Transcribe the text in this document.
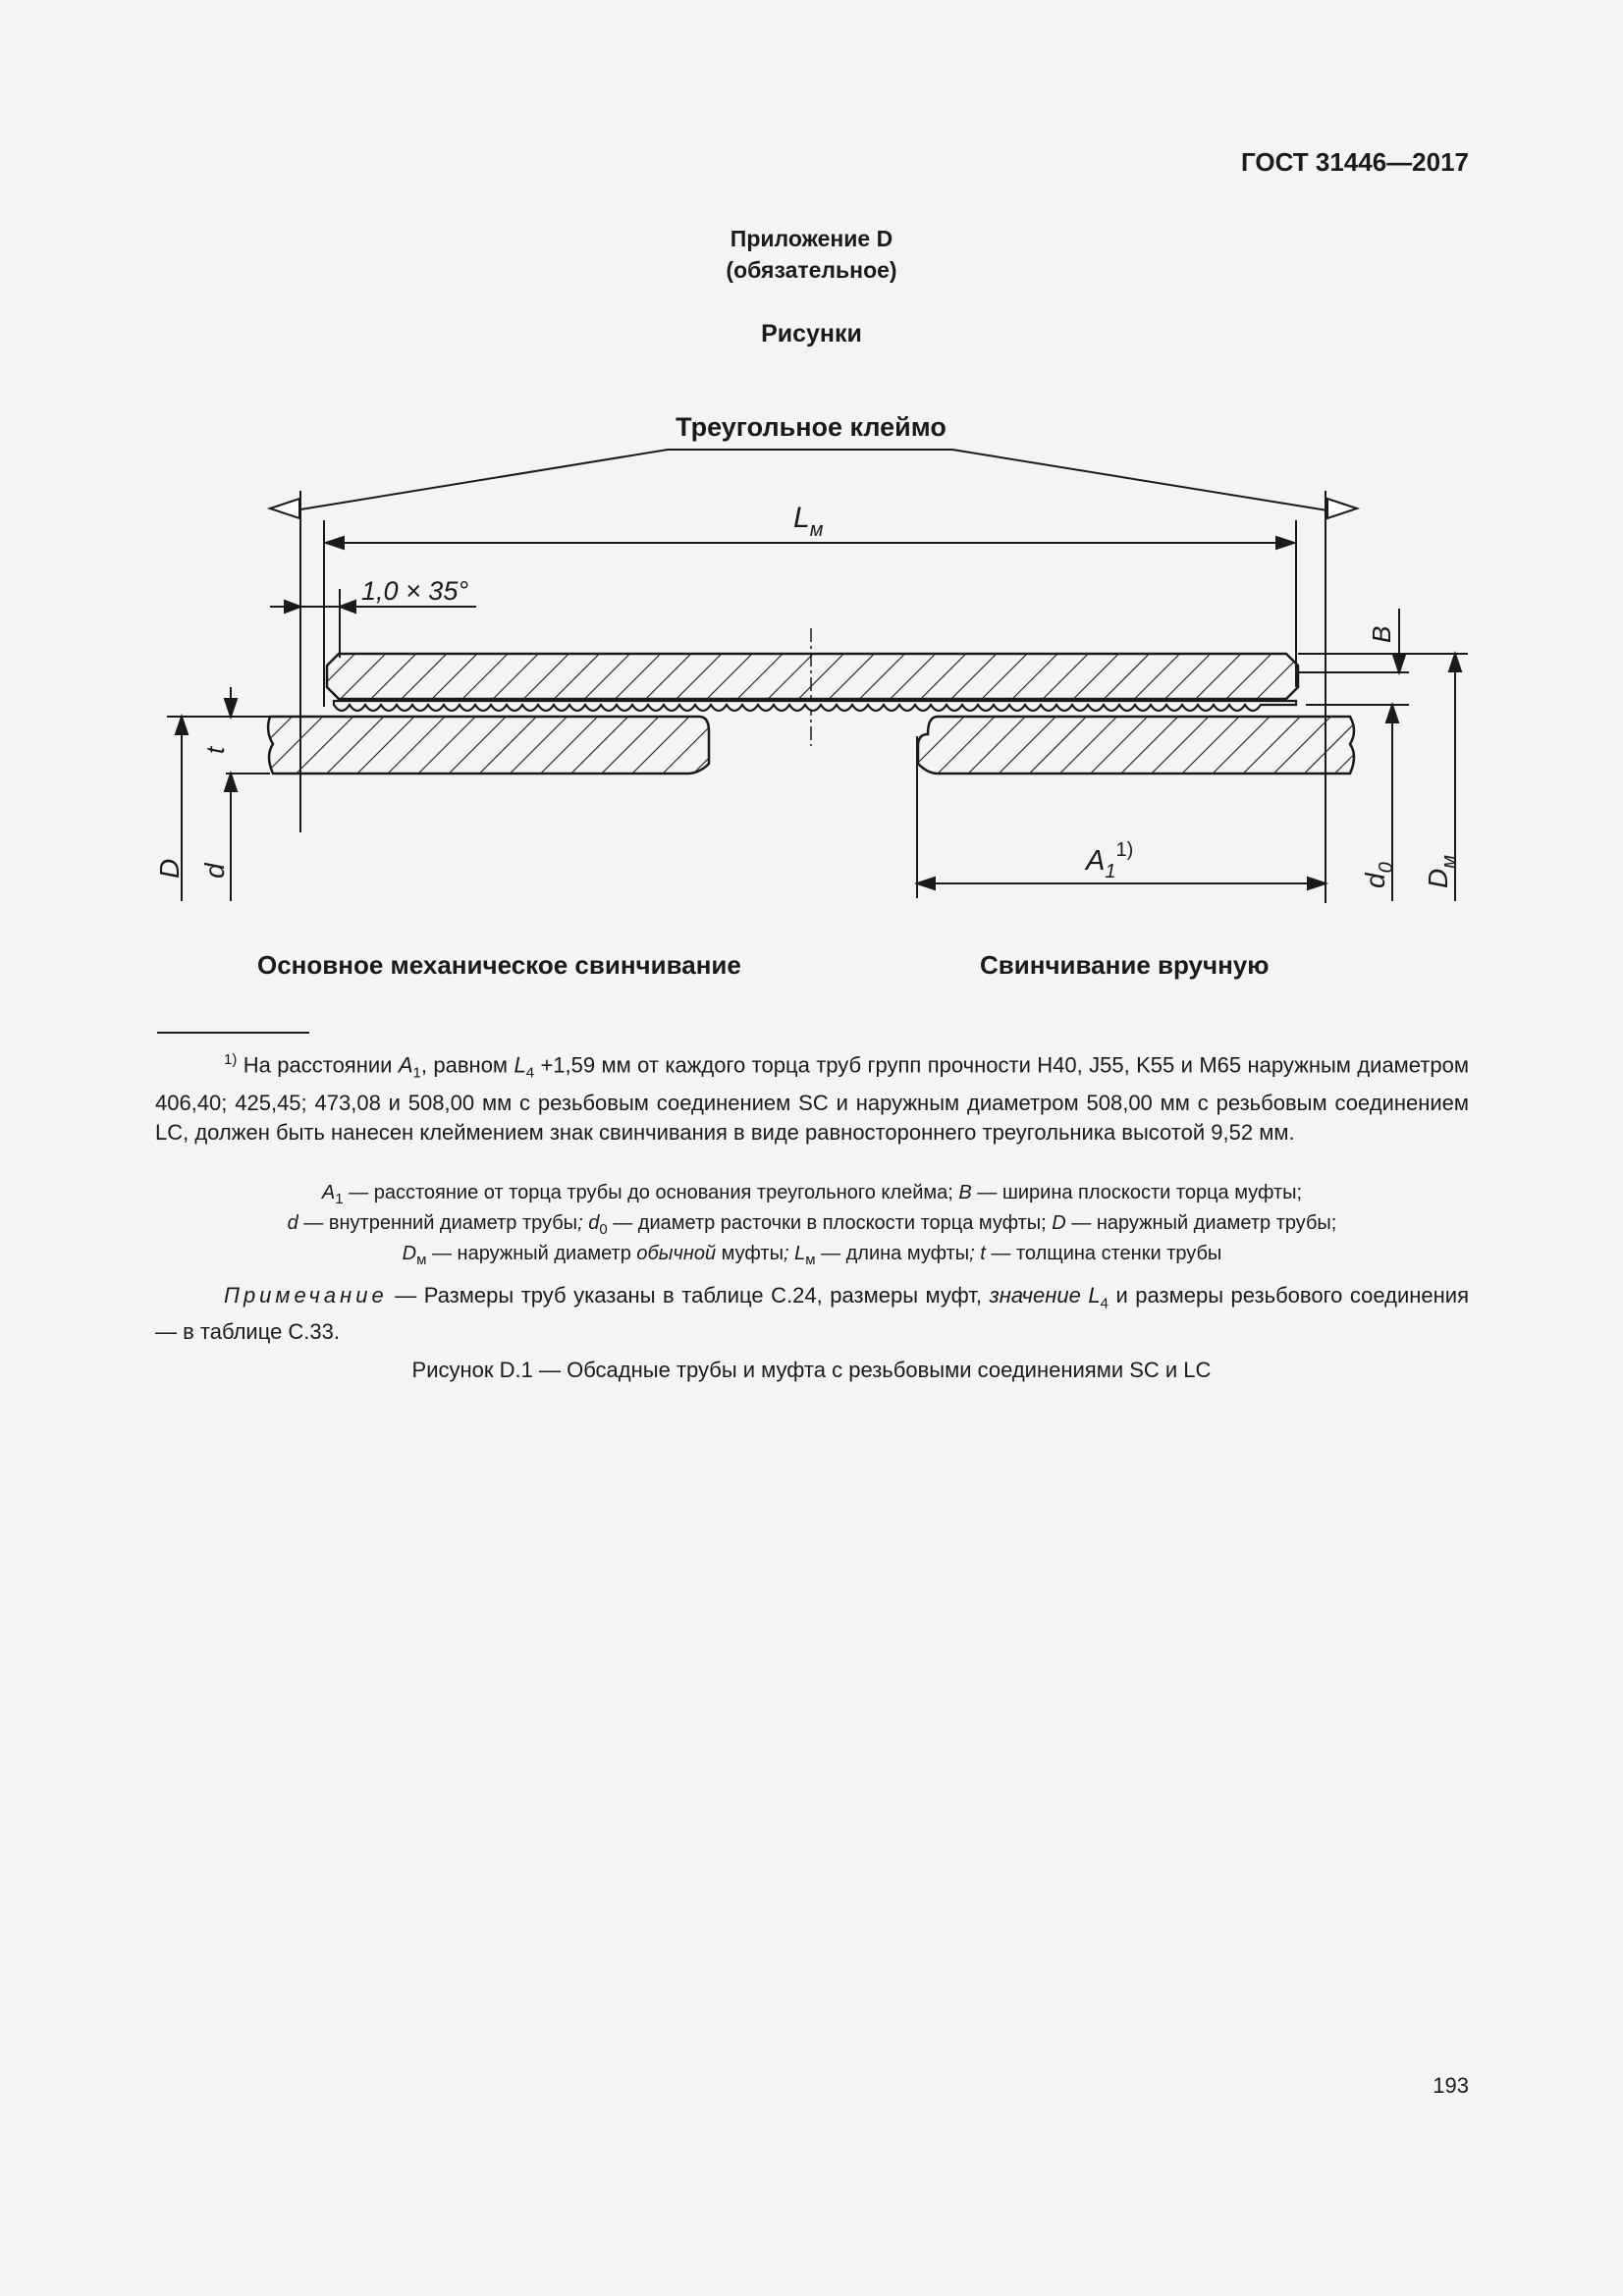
ГОСТ 31446—2017
Приложение D
(обязательное)
Рисунки
Треугольное клеймо
$L_м$
1,0 × 35°
D
t
d
B
$d_0$
$D_м$
$A_1^{1)}$
Основное механическое свинчивание	Свинчивание вручную
$^{1)}$ На расстоянии $A_1$, равном $L_4 +1,59$ мм от каждого торца труб групп прочности Н40, J55, K55 и М65 наружным диаметром 406,40; 425,45; 473,08 и 508,00 мм с резьбовым соединением SC и наружным диаметром 508,00 мм с резьбовым соединением LC, должен быть нанесен клеймением знак свинчивания в виде равностороннего треугольника высотой 9,52 мм.
$A_1$ — расстояние от торца трубы до основания треугольного клейма; B — ширина плоскости торца муфты;
d — внутренний диаметр трубы; $d_0$ — диаметр расточки в плоскости торца муфты; D — наружный диаметр трубы;
$D_м$ — наружный диаметр обычной муфты; $L_м$ — длина муфты; t — толщина стенки трубы
Примечание — Размеры труб указаны в таблице С.24, размеры муфт, значение $L_4$ и размеры резьбового соединения — в таблице С.33.
Рисунок D.1 — Обсадные трубы и муфта с резьбовыми соединениями SC и LC
193
